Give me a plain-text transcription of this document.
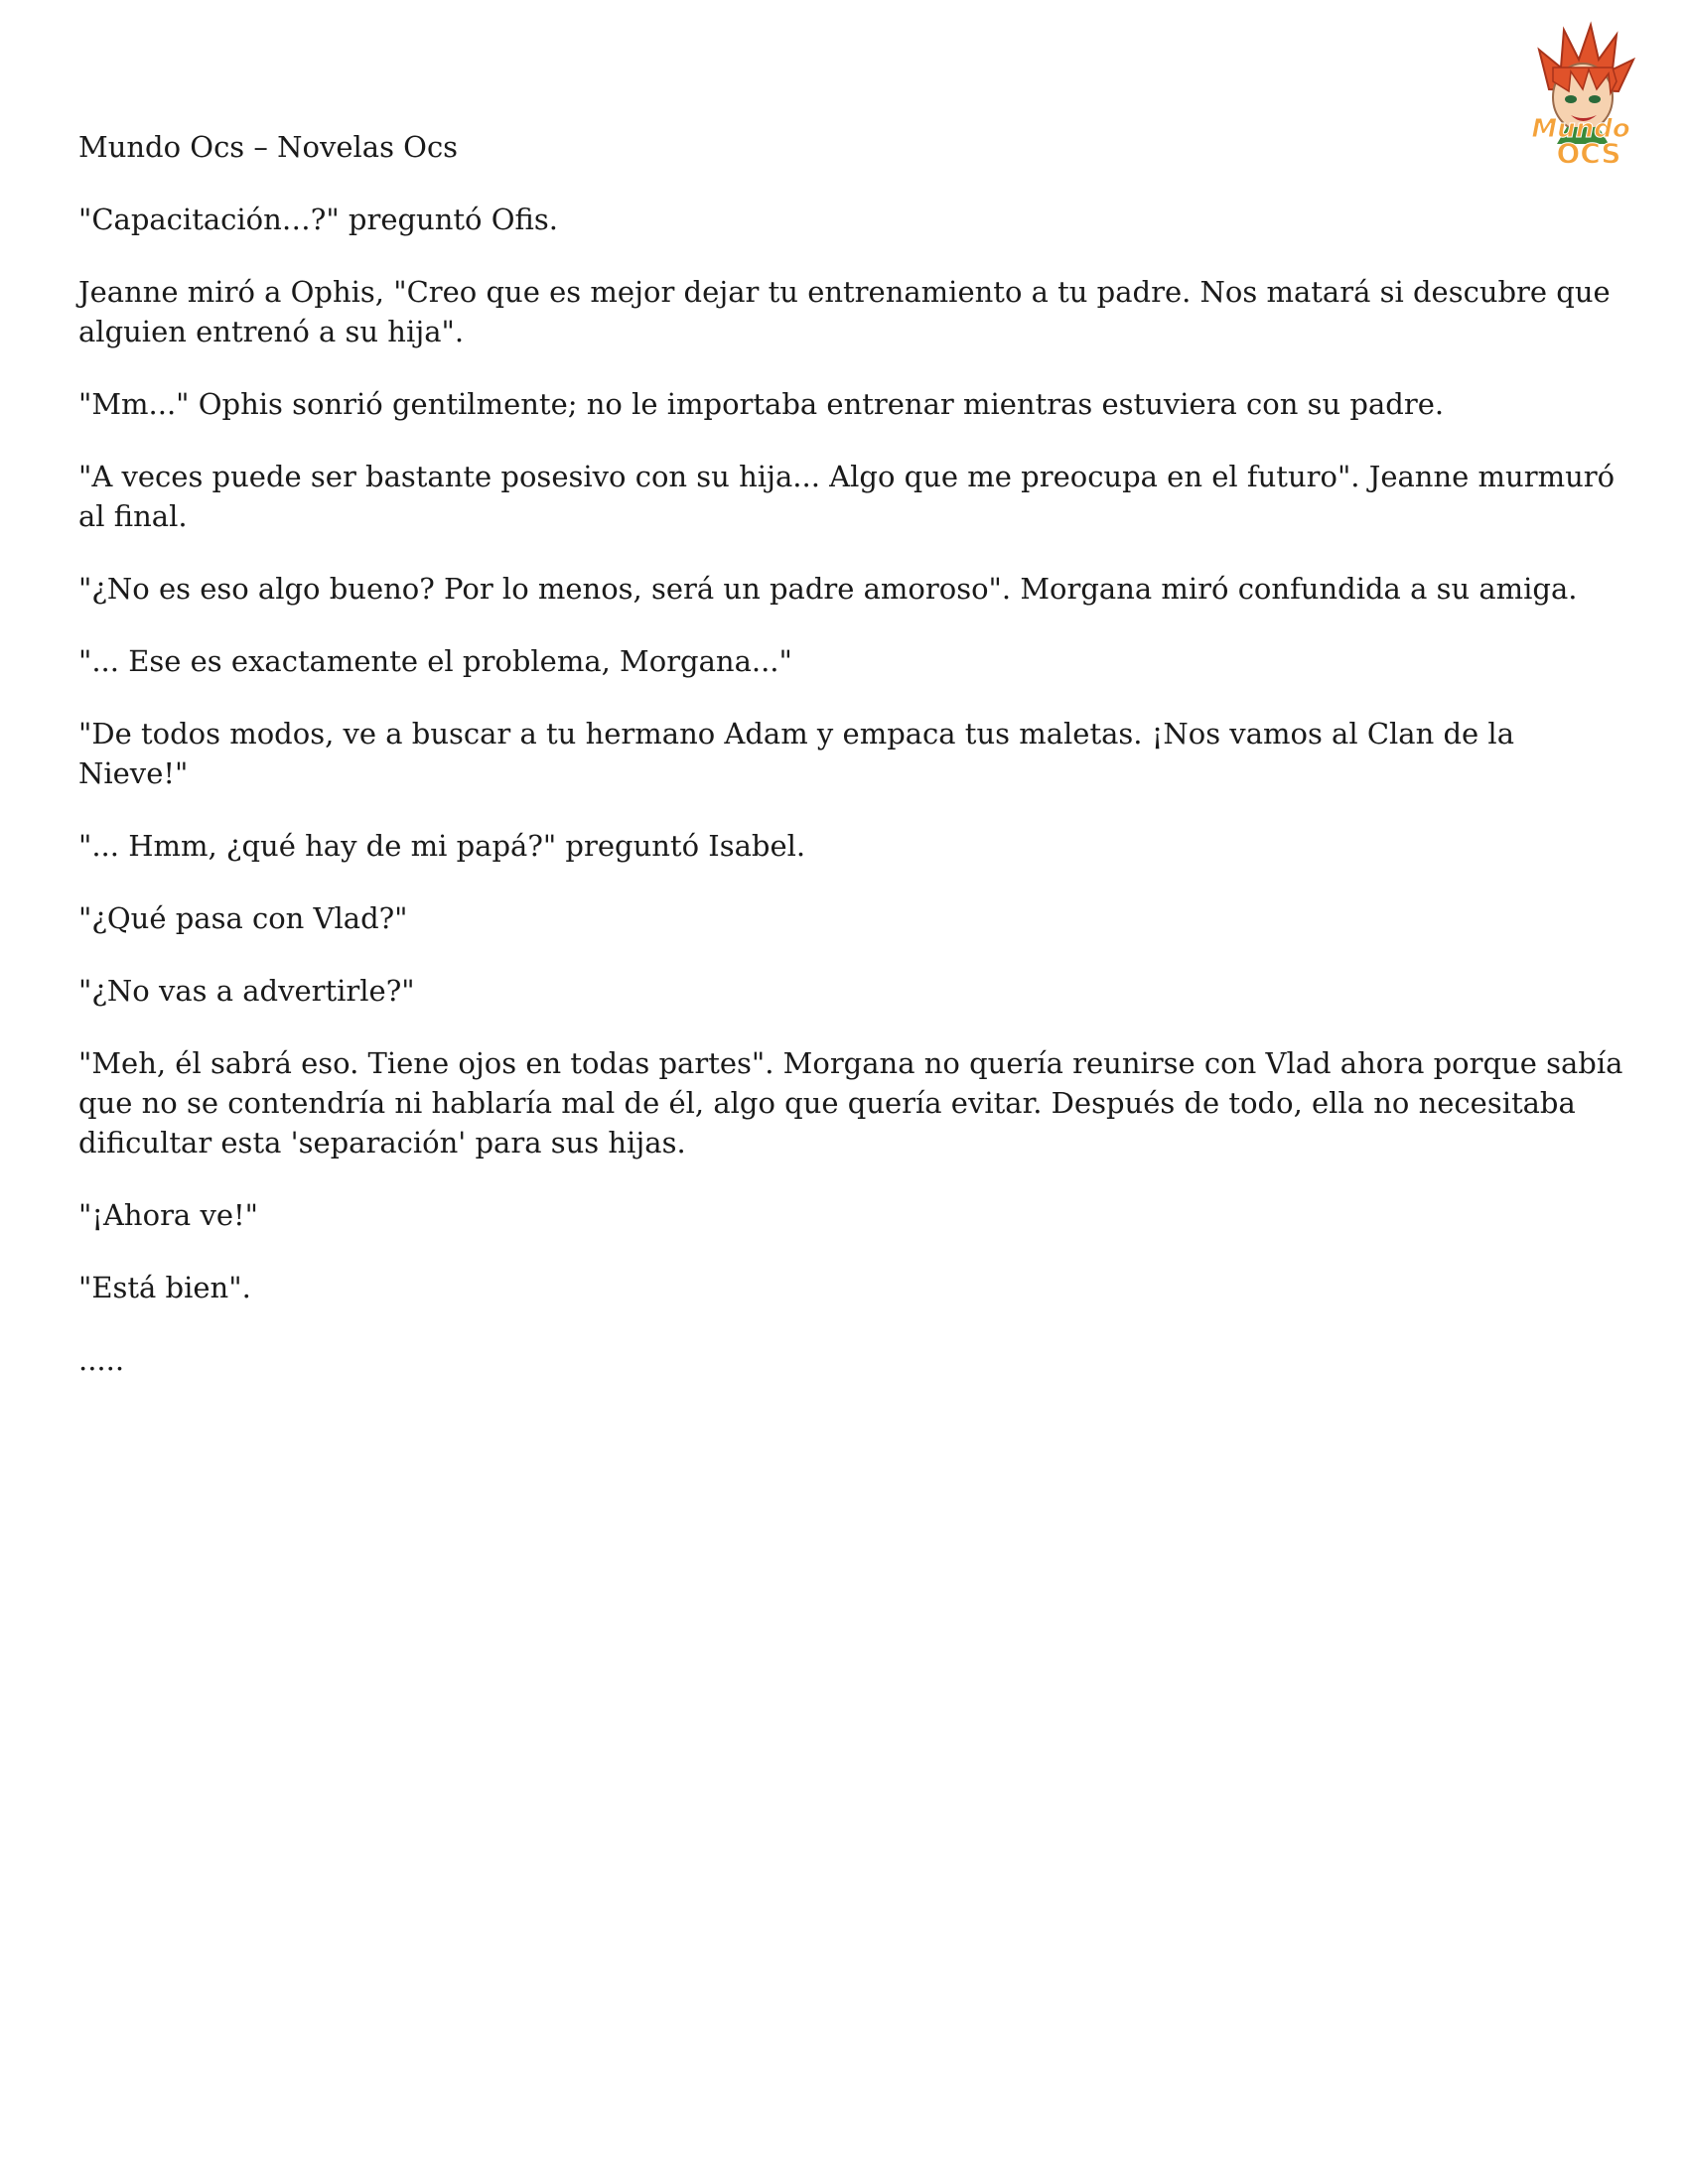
Mundo
OCS

Mundo Ocs – Novelas Ocs

"Capacitación…?" preguntó Ofis.

Jeanne miró a Ophis, "Creo que es mejor dejar tu entrenamiento a tu padre. Nos matará si descubre que alguien entrenó a su hija".

"Mm..." Ophis sonrió gentilmente; no le importaba entrenar mientras estuviera con su padre.

"A veces puede ser bastante posesivo con su hija... Algo que me preocupa en el futuro". Jeanne murmuró al final.

"¿No es eso algo bueno? Por lo menos, será un padre amoroso". Morgana miró confundida a su amiga.

"... Ese es exactamente el problema, Morgana..."

"De todos modos, ve a buscar a tu hermano Adam y empaca tus maletas. ¡Nos vamos al Clan de la Nieve!"

"... Hmm, ¿qué hay de mi papá?" preguntó Isabel.

"¿Qué pasa con Vlad?"

"¿No vas a advertirle?"

"Meh, él sabrá eso. Tiene ojos en todas partes". Morgana no quería reunirse con Vlad ahora porque sabía que no se contendría ni hablaría mal de él, algo que quería evitar. Después de todo, ella no necesitaba dificultar esta 'separación' para sus hijas.

"¡Ahora ve!"

"Está bien".

.....
